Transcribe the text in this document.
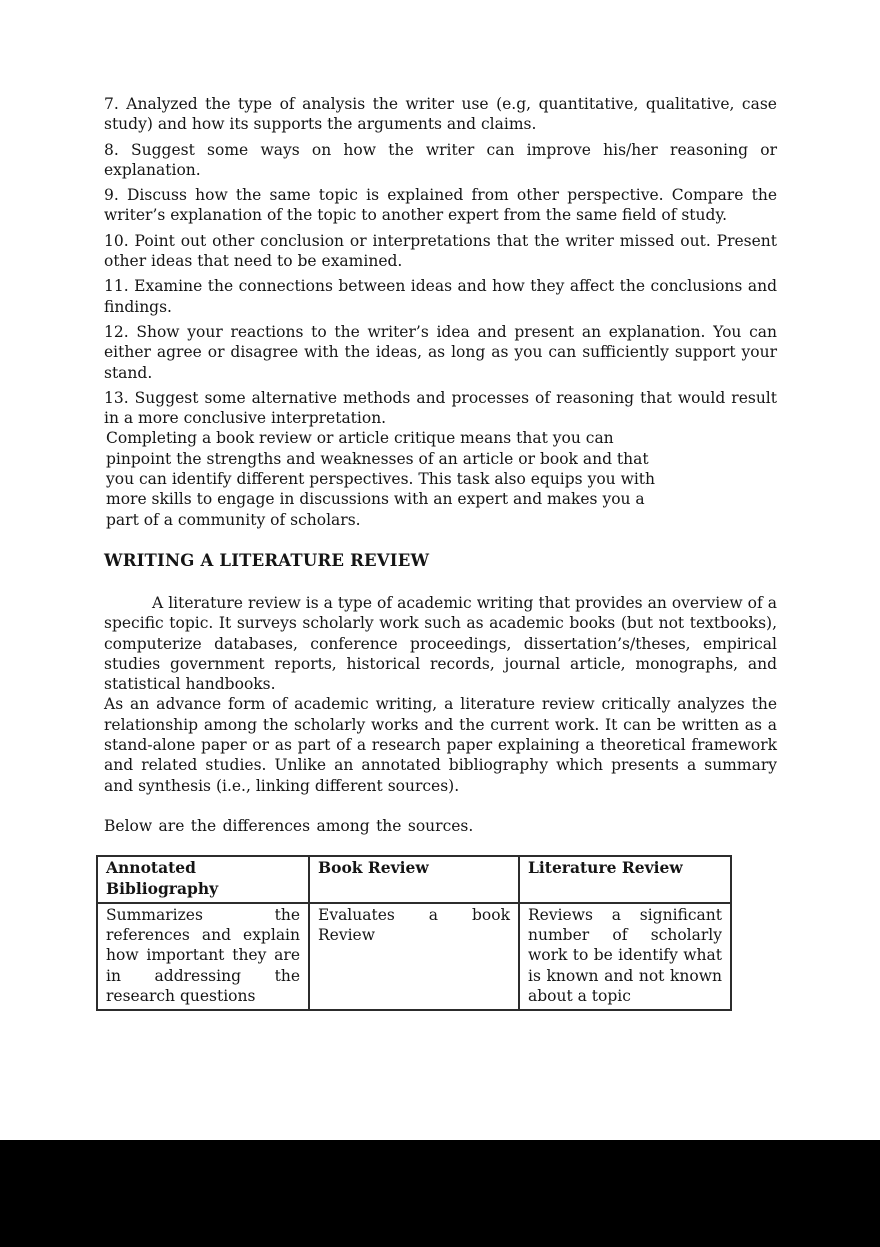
7. Analyzed the type of analysis the writer use (e.g, quantitative, qualitative, case study) and how its supports the arguments and claims.

8. Suggest some ways on how the writer can improve his/her reasoning or explanation.

9. Discuss how the same topic is explained from other perspective. Compare the writer’s explanation of the topic to another expert from the same field of study.

10. Point out other conclusion or interpretations that the writer missed out. Present other ideas that need to be examined.

11. Examine the connections between ideas and how they affect the conclusions and findings.

12. Show your reactions to the writer’s idea and present an explanation. You can either agree or disagree with the ideas, as long as you can sufficiently support your stand.

13. Suggest some alternative methods and processes of reasoning that would result in a more conclusive interpretation.

Completing a book review or article critique means that you can pinpoint the strengths and weaknesses of an article or book and that you can identify different perspectives. This task also equips you with more skills to engage in discussions with an expert and makes you a part of a community of scholars.

WRITING A LITERATURE REVIEW

A literature review is a type of academic writing that provides an overview of a specific topic. It surveys scholarly work such as academic books (but not textbooks), computerize databases, conference proceedings, dissertation’s/theses, empirical studies government reports, historical records, journal article, monographs, and statistical handbooks.

As an advance form of academic writing, a literature review critically analyzes the relationship among the scholarly works and the current work. It can be written as a stand-alone paper or as part of a research paper explaining a theoretical framework and related studies. Unlike an annotated bibliography which presents a summary and synthesis (i.e., linking different sources).

Below are the differences among the sources.

Annotated Bibliography	Book Review	Literature Review
Summarizes the references and explain how important they are in addressing the research questions	Evaluates a book Review	Reviews a significant number of scholarly work to be identify what is known and not known about a topic
